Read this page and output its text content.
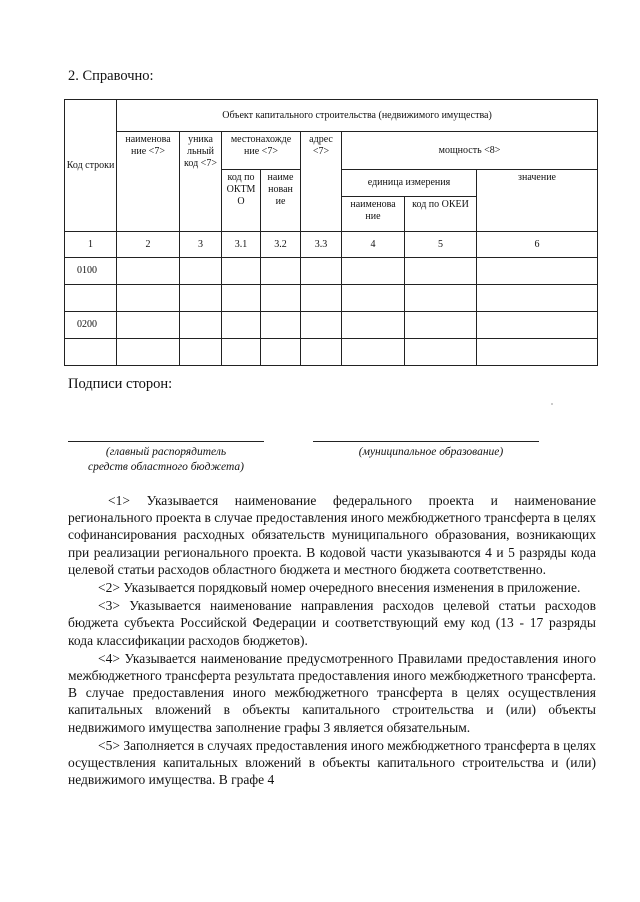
2. Справочно:
Код строки	Объект капитального строительства (недвижимого имущества)							
	наименова ние <7>	уника льный код <7>	местонахожде ние <7>		адрес <7>	мощность <8>		
			код по ОКТМ О	наиме нован ие		единица измерения		значение
						наименова ние	код по ОКЕИ	
1	2	3	3.1	3.2	3.3	4	5	6
0100								

0200								

Подписи сторон:
(главный распорядитель
средств областного бюджета)
(муниципальное образование)

<1> Указывается наименование федерального проекта и наименование регионального проекта в случае предоставления иного межбюджетного трансферта в целях софинансирования расходных обязательств муниципального образования, возникающих при реализации регионального проекта. В кодовой части указываются 4 и 5 разряды кода целевой статьи расходов областного бюджета и местного бюджета соответственно.

<2> Указывается порядковый номер очередного внесения изменения в приложение.

<3> Указывается наименование направления расходов целевой статьи расходов бюджета субъекта Российской Федерации и соответствующий ему код (13 - 17 разряды кода классификации расходов бюджетов).

<4> Указывается наименование предусмотренного Правилами предоставления иного межбюджетного трансферта результата предоставления иного межбюджетного трансферта. В случае предоставления иного межбюджетного трансферта в целях осуществления капитальных вложений в объекты капитального строительства и (или) объекты недвижимого имущества заполнение графы 3 является обязательным.

<5> Заполняется в случаях предоставления иного межбюджетного трансферта в целях осуществления капитальных вложений в объекты капитального строительства и (или) недвижимого имущества. В графе 4
